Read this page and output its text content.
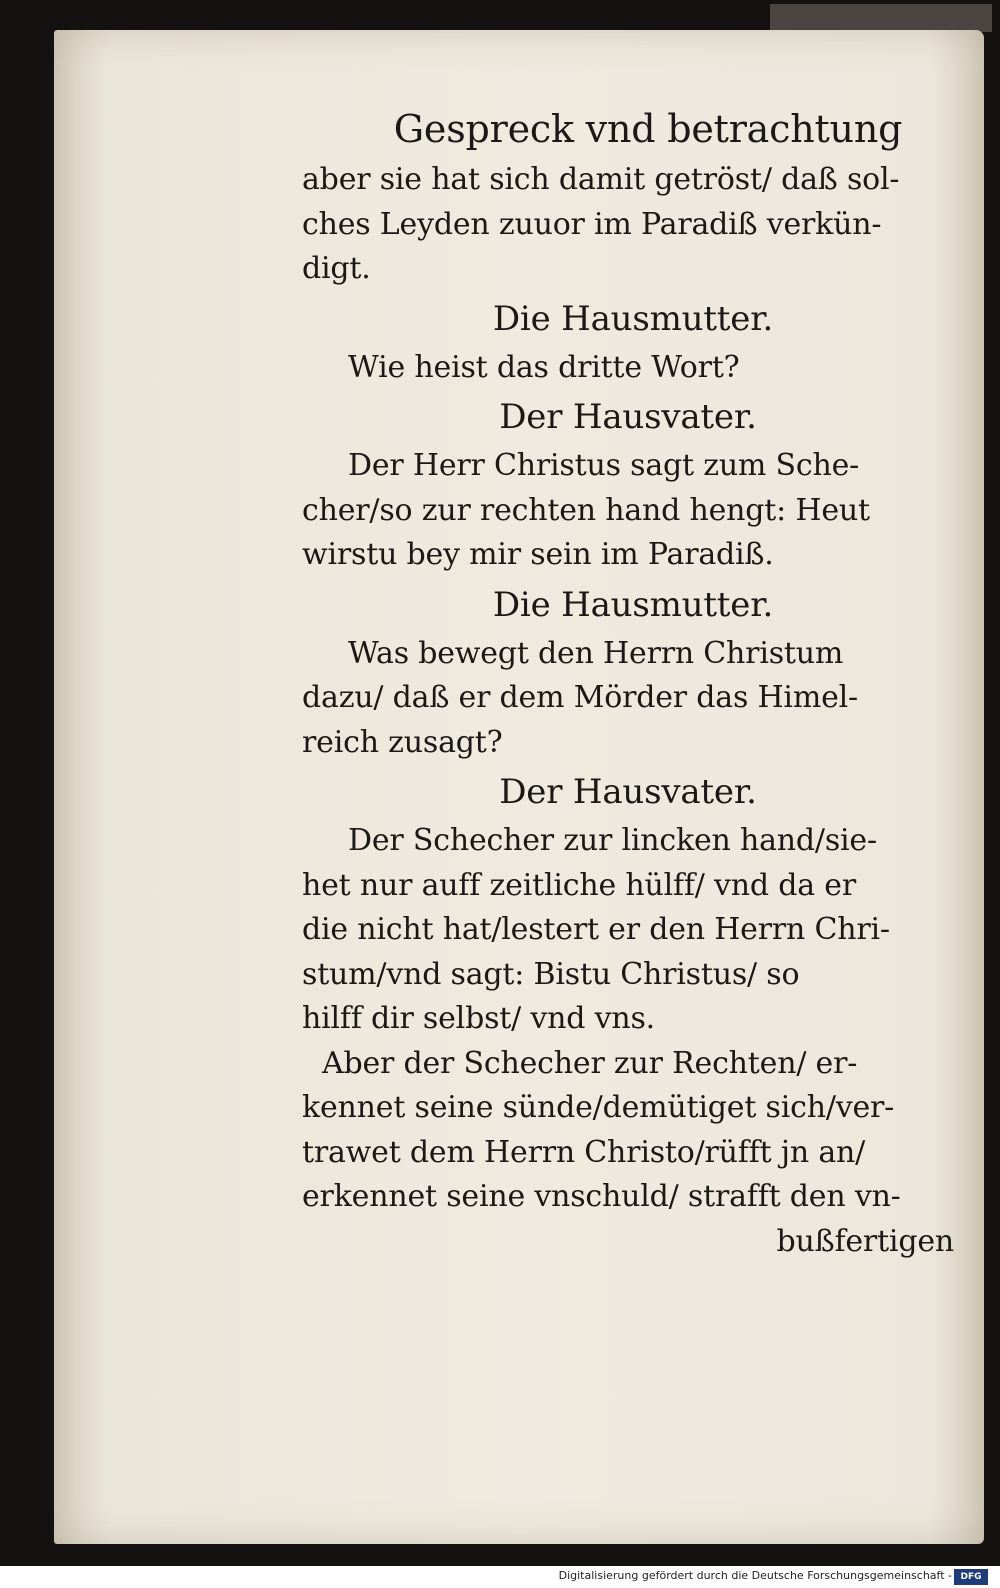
Gespreck vnd betrachtung
aber sie hat sich damit getröst/ daß sol-
ches Leyden zuuor im Paradiß verkün-
digt.
Die Hausmutter.
Wie heist das dritte Wort?
Der Hausvater.
Der Herr Christus sagt zum Sche-
cher/so zur rechten hand hengt: Heut
wirstu bey mir sein im Paradiß.
Die Hausmutter.
Was bewegt den Herrn Christum
dazu/ daß er dem Mörder das Himel-
reich zusagt?
Der Hausvater.
Der Schecher zur lincken hand/sie-
het nur auff zeitliche hülff/ vnd da er
die nicht hat/lestert er den Herrn Chri-
stum/vnd sagt: Bistu Christus/ so
hilff dir selbst/ vnd vns.
Aber der Schecher zur Rechten/ er-
kennet seine sünde/demütiget sich/ver-
trawet dem Herrn Christo/rüfft jn an/
erkennet seine vnschuld/ strafft den vn-
bußfertigen
Digitalisierung gefördert durch die Deutsche Forschungsgemeinschaft - DFG
